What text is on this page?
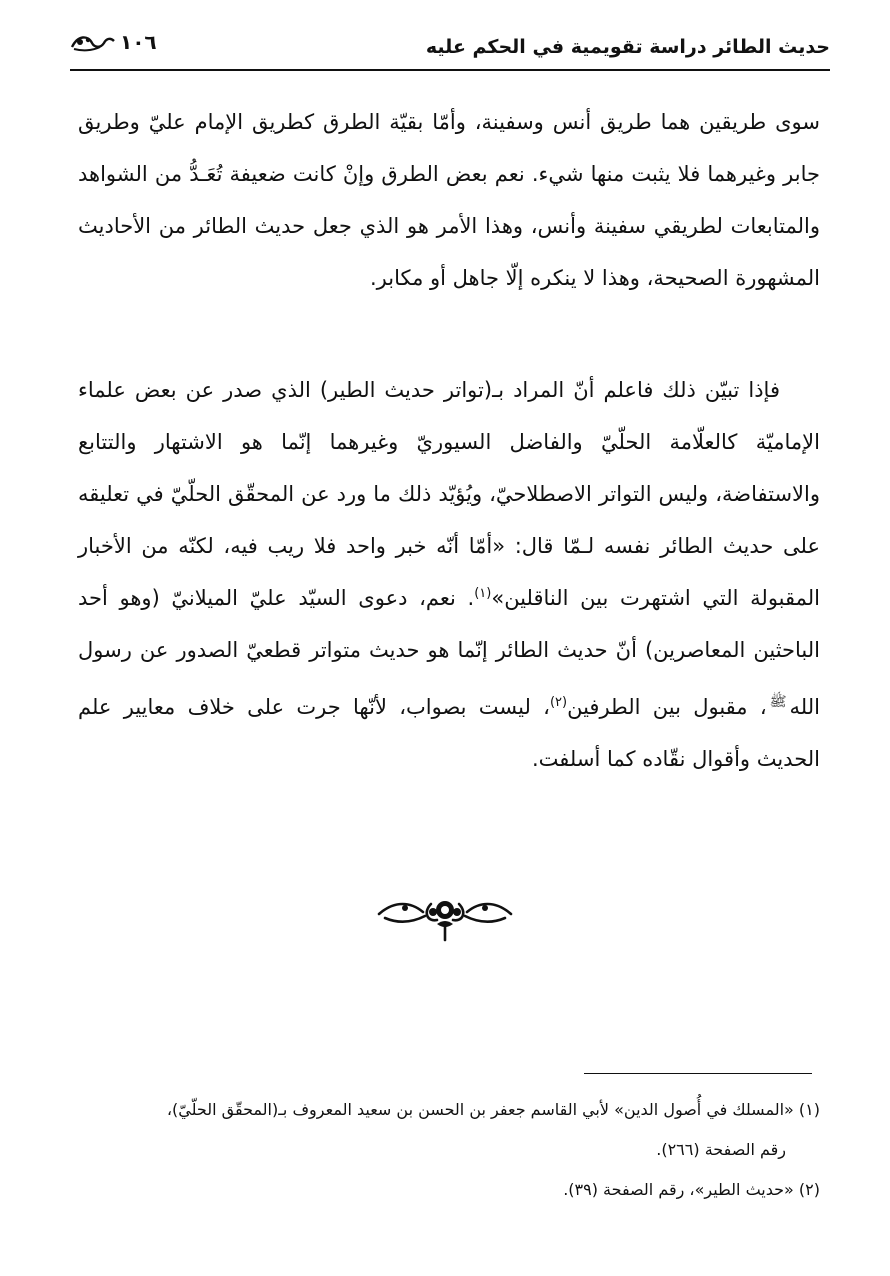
حديث الطائر دراسة تقويمية في الحكم عليه
١٠٦
سوى طريقين هما طريق أنس وسفينة، وأمّا بقيّة الطرق كطريق الإمام عليّ وطريق جابر وغيرهما فلا يثبت منها شيء. نعم بعض الطرق وإنْ كانت ضعيفة تُعَـدُّ من الشواهد والمتابعات لطريقي سفينة وأنس، وهذا الأمر هو الذي جعل حديث الطائر من الأحاديث المشهورة الصحيحة، وهذا لا ينكره إلّا جاهل أو مكابر.
فإذا تبيّن ذلك فاعلم أنّ المراد بـ(تواتر حديث الطير) الذي صدر عن بعض علماء الإماميّة كالعلّامة الحلّيّ والفاضل السيوريّ وغيرهما إنّما هو الاشتهار والتتابع والاستفاضة، وليس التواتر الاصطلاحيّ، ويُؤيّد ذلك ما ورد عن المحقّق الحلّيّ في تعليقه على حديث الطائر نفسه لـمّا قال: «أمّا أنّه خبر واحد فلا ريب فيه، لكنّه من الأخبار المقبولة التي اشتهرت بين الناقلين»$^{(١)}$. نعم، دعوى السيّد عليّ الميلانيّ (وهو أحد الباحثين المعاصرين) أنّ حديث الطائر إنّما هو حديث متواتر قطعيّ الصدور عن رسول الله$^ﷺ$، مقبول بين الطرفين$^{(٢)}$، ليست بصواب، لأنّها جرت على خلاف معايير علم الحديث وأقوال نقّاده كما أسلفت.

(١) «المسلك في أُصول الدين» لأبي القاسم جعفر بن الحسن بن سعيد المعروف بـ(المحقّق الحلّيّ)،
رقم الصفحة (٢٦٦).

(٢) «حديث الطير»، رقم الصفحة (٣٩).
